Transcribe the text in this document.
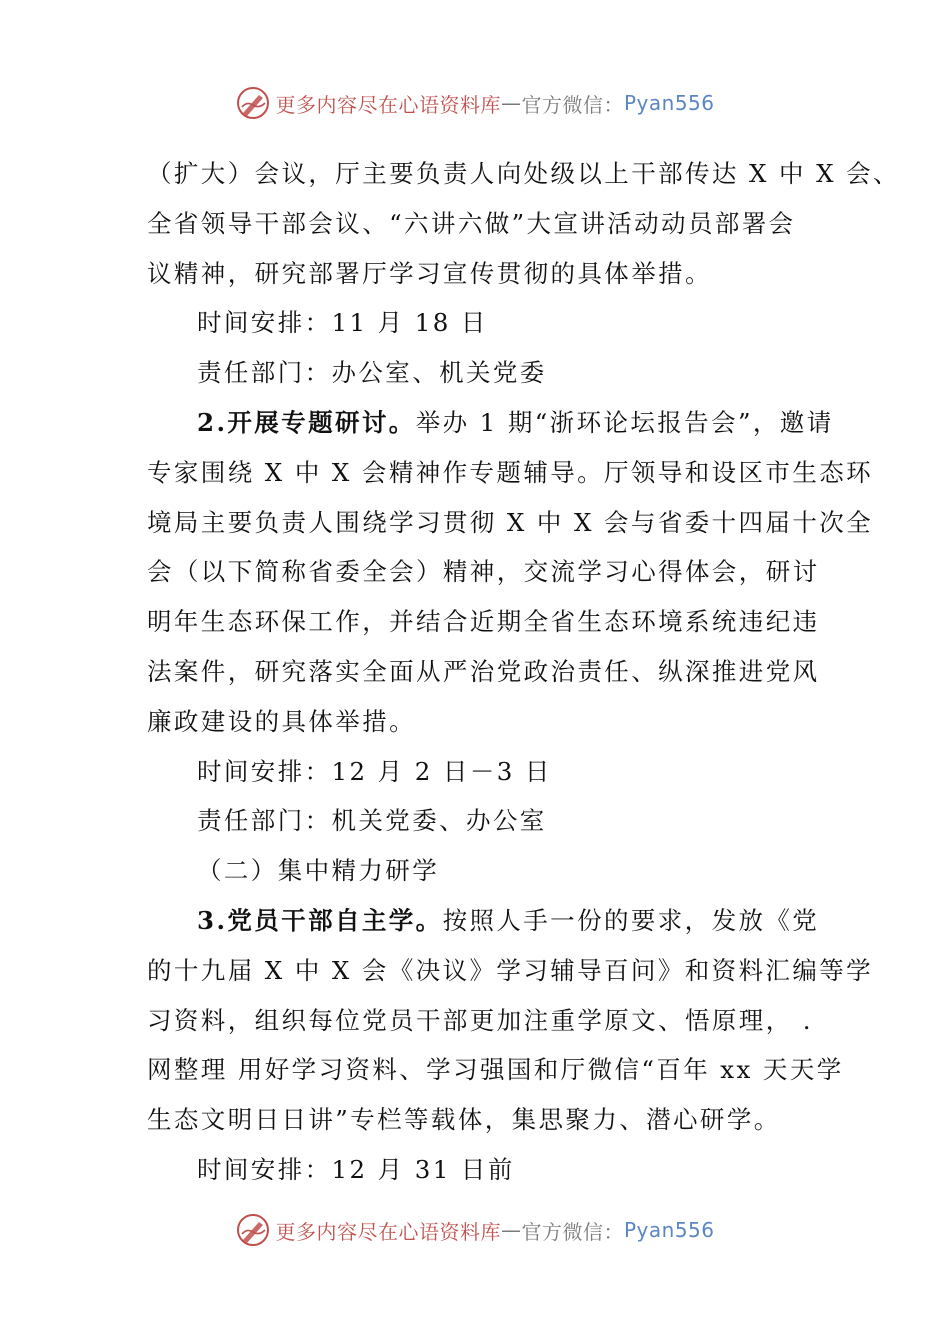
更多内容尽在心语资料库 — 官方微信： Pyan556
（扩大）会议，厅主要负责人向处级以上干部传达 X 中 X 会、
全省领导干部会议、“六讲六做”大宣讲活动动员部署会
议精神，研究部署厅学习宣传贯彻的具体举措。
时间安排：11 月 18 日
责任部门：办公室、机关党委
2.开展专题研讨。举办 1 期“浙环论坛报告会”，邀请
专家围绕 X 中 X 会精神作专题辅导。厅领导和设区市生态环
境局主要负责人围绕学习贯彻 X 中 X 会与省委十四届十次全
会（以下简称省委全会）精神，交流学习心得体会，研讨
明年生态环保工作，并结合近期全省生态环境系统违纪违
法案件，研究落实全面从严治党政治责任、纵深推进党风
廉政建设的具体举措。
时间安排：12 月 2 日－3 日
责任部门：机关党委、办公室
（二）集中精力研学
3.党员干部自主学。按照人手一份的要求，发放《党
的十九届 X 中 X 会《决议》学习辅导百问》和资料汇编等学
习资料，组织每位党员干部更加注重学原文、悟原理， .
网整理 用好学习资料、学习强国和厅微信“百年 xx 天天学
生态文明日日讲”专栏等载体，集思聚力、潜心研学。
时间安排：12 月 31 日前
更多内容尽在心语资料库 — 官方微信： Pyan556
